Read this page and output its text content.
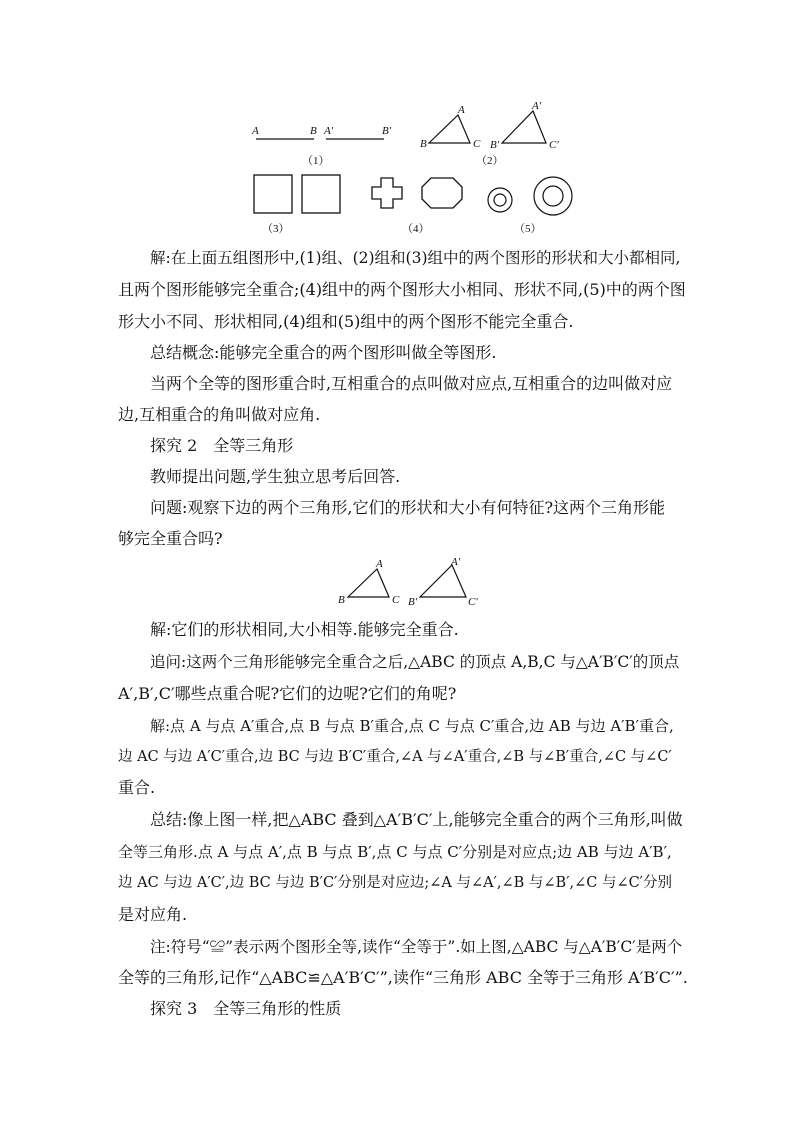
A	B A′	B′
A
B	C
A′
B′	C′
（1）	（2）
（3）	（4）	（5）
解:在上面五组图形中,(1)组、(2)组和(3)组中的两个图形的形状和大小都相同,
且两个图形能够完全重合;(4)组中的两个图形大小相同、形状不同,(5)中的两个图
形大小不同、形状相同,(4)组和(5)组中的两个图形不能完全重合.
总结概念:能够完全重合的两个图形叫做全等图形.
当两个全等的图形重合时,互相重合的点叫做对应点,互相重合的边叫做对应
边,互相重合的角叫做对应角.
探究 2　全等三角形
教师提出问题,学生独立思考后回答.
问题:观察下边的两个三角形,它们的形状和大小有何特征?这两个三角形能
够完全重合吗?
A
B	C
A′
B′	C′
解:它们的形状相同,大小相等.能够完全重合.
追问:这两个三角形能够完全重合之后,△ABC 的顶点 A,B,C 与△A′B′C′的顶点
A′,B′,C′哪些点重合呢?它们的边呢?它们的角呢?
解:点 A 与点 A′重合,点 B 与点 B′重合,点 C 与点 C′重合,边 AB 与边 A′B′重合,
边 AC 与边 A′C′重合,边 BC 与边 B′C′重合,∠A 与∠A′重合,∠B 与∠B′重合,∠C 与∠C′
重合.
总结:像上图一样,把△ABC 叠到△A′B′C′上,能够完全重合的两个三角形,叫做
全等三角形.点 A 与点 A′,点 B 与点 B′,点 C 与点 C′分别是对应点;边 AB 与边 A′B′,
边 AC 与边 A′C′,边 BC 与边 B′C′分别是对应边;∠A 与∠A′,∠B 与∠B′,∠C 与∠C′分别
是对应角.
注:符号“≌”表示两个图形全等,读作“全等于”.如上图,△ABC 与△A′B′C′是两个
全等的三角形,记作“△ABC≌△A′B′C′”,读作“三角形 ABC 全等于三角形 A′B′C′”.
探究 3　全等三角形的性质
